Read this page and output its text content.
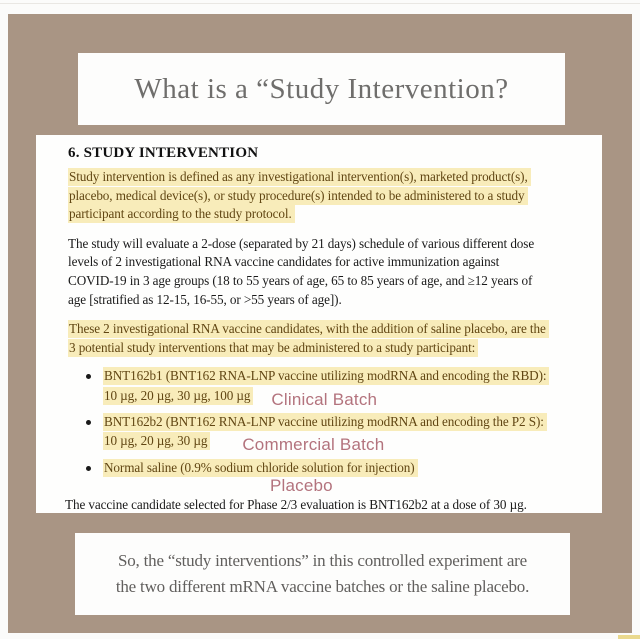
What is a “Study Intervention?
6. STUDY INTERVENTION
Study intervention is defined as any investigational intervention(s), marketed product(s),
placebo, medical device(s), or study procedure(s) intended to be administered to a study
participant according to the study protocol.
The study will evaluate a 2-dose (separated by 21 days) schedule of various different dose
levels of 2 investigational RNA vaccine candidates for active immunization against
COVID-19 in 3 age groups (18 to 55 years of age, 65 to 85 years of age, and ≥12 years of
age [stratified as 12-15, 16-55, or >55 years of age]).
These 2 investigational RNA vaccine candidates, with the addition of saline placebo, are the
3 potential study interventions that may be administered to a study participant:
BNT162b1 (BNT162 RNA-LNP vaccine utilizing modRNA and encoding the RBD):
10 µg, 20 µg, 30 µg, 100 µg Clinical Batch
BNT162b2 (BNT162 RNA-LNP vaccine utilizing modRNA and encoding the P2 S):
10 µg, 20 µg, 30 µg Commercial Batch
Normal saline (0.9% sodium chloride solution for injection)
Placebo
The vaccine candidate selected for Phase 2/3 evaluation is BNT162b2 at a dose of 30 µg.
So, the “study interventions” in this controlled experiment are
the two different mRNA vaccine batches or the saline placebo.
